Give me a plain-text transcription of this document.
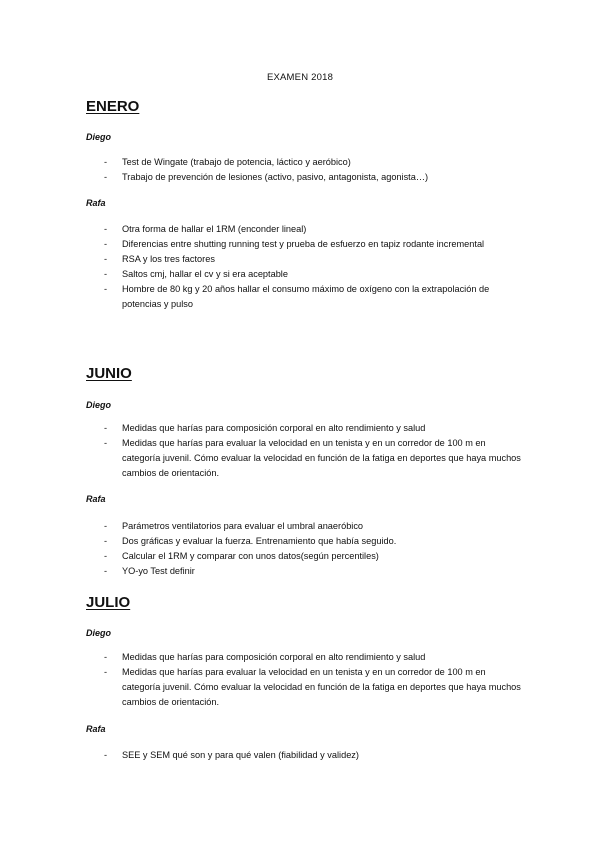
EXAMEN 2018
ENERO
Diego
- Test de Wingate (trabajo de potencia, láctico y aeróbico)
- Trabajo de prevención de lesiones (activo, pasivo, antagonista, agonista…)
Rafa
- Otra forma de hallar el 1RM (enconder lineal)
- Diferencias entre shutting running test y prueba de esfuerzo en tapiz rodante incremental
- RSA y los tres factores
- Saltos cmj, hallar el cv y si era aceptable
- Hombre de 80 kg y 20 años hallar el consumo máximo de oxígeno con la extrapolación de potencias y pulso
JUNIO
Diego
- Medidas que harías para composición corporal en alto rendimiento y salud
- Medidas que harías para evaluar la velocidad en un tenista y en un corredor de 100 m en categoría juvenil. Cómo evaluar la velocidad en función de la fatiga en deportes que haya muchos cambios de orientación.
Rafa
- Parámetros ventilatorios para evaluar el umbral anaeróbico
- Dos gráficas y evaluar la fuerza. Entrenamiento que había seguido.
- Calcular el 1RM y comparar con unos datos(según percentiles)
- YO-yo Test definir
JULIO
Diego
- Medidas que harías para composición corporal en alto rendimiento y salud
- Medidas que harías para evaluar la velocidad en un tenista y en un corredor de 100 m en categoría juvenil. Cómo evaluar la velocidad en función de la fatiga en deportes que haya muchos cambios de orientación.
Rafa
- SEE y SEM qué son y para qué valen (fiabilidad y validez)
